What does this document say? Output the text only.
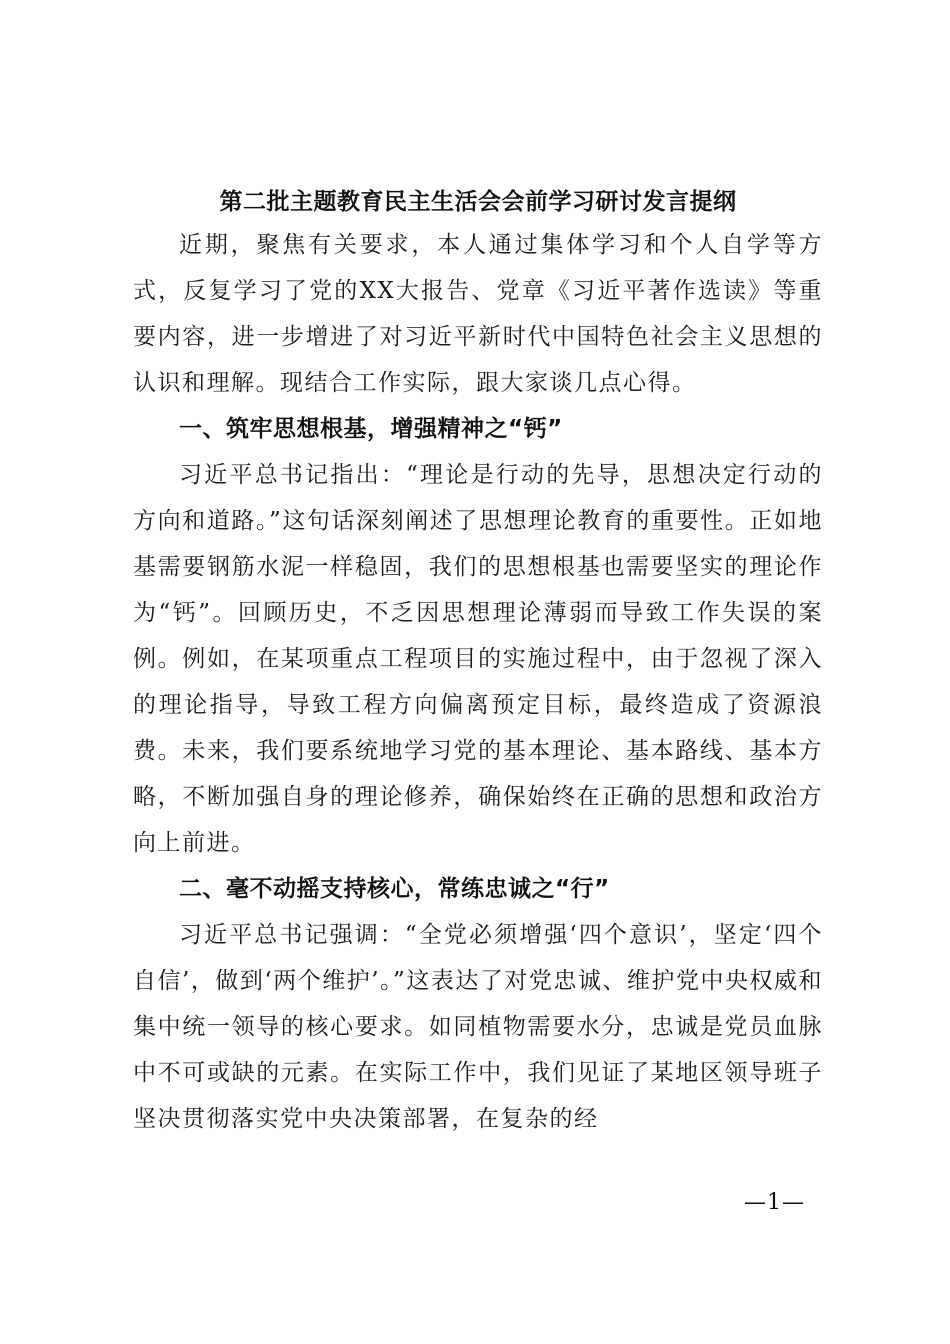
第二批主题教育民主生活会会前学习研讨发言提纲

近期，聚焦有关要求，本人通过集体学习和个人自学等方式，反复学习了党的XX大报告、党章《习近平著作选读》等重要内容，进一步增进了对习近平新时代中国特色社会主义思想的认识和理解。现结合工作实际，跟大家谈几点心得。

一、筑牢思想根基，增强精神之“钙”

习近平总书记指出：“理论是行动的先导，思想决定行动的方向和道路。”这句话深刻阐述了思想理论教育的重要性。正如地基需要钢筋水泥一样稳固，我们的思想根基也需要坚实的理论作为“钙”。回顾历史，不乏因思想理论薄弱而导致工作失误的案例。例如，在某项重点工程项目的实施过程中，由于忽视了深入的理论指导，导致工程方向偏离预定目标，最终造成了资源浪费。未来，我们要系统地学习党的基本理论、基本路线、基本方略，不断加强自身的理论修养，确保始终在正确的思想和政治方向上前进。

二、毫不动摇支持核心，常练忠诚之“行”

习近平总书记强调：“全党必须增强‘四个意识’，坚定‘四个自信’，做到‘两个维护’。”这表达了对党忠诚、维护党中央权威和集中统一领导的核心要求。如同植物需要水分，忠诚是党员血脉中不可或缺的元素。在实际工作中，我们见证了某地区领导班子坚决贯彻落实党中央决策部署，在复杂的经

—1—
